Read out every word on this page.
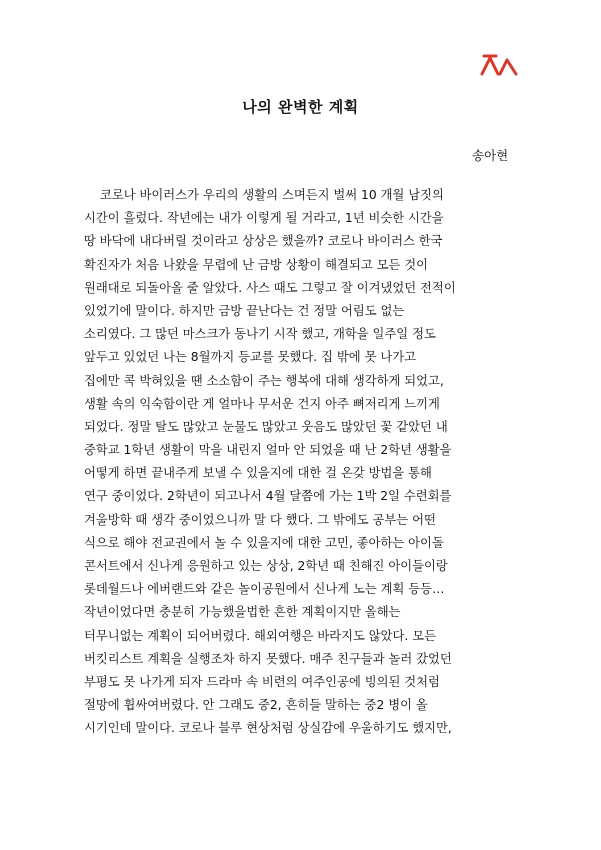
나의 완벽한 계획
송아현
코로나 바이러스가 우리의 생활의 스며든지 벌써 10 개월 남짓의
시간이 흘렀다. 작년에는 내가 이렇게 될 거라고, 1년 비슷한 시간을
땅 바닥에 내다버릴 것이라고 상상은 했을까? 코로나 바이러스 한국
확진자가 처음 나왔을 무렵에 난 금방 상황이 해결되고 모든 것이
원래대로 되돌아올 줄 알았다. 사스 때도 그렇고 잘 이겨냈었던 전적이
있었기에 말이다. 하지만 금방 끝난다는 건 정말 어림도 없는
소리였다. 그 많던 마스크가 동나기 시작 했고, 개학을 일주일 정도
앞두고 있었던 나는 8월까지 등교를 못했다. 집 밖에 못 나가고
집에만 콕 박혀있을 땐 소소함이 주는 행복에 대해 생각하게 되었고,
생활 속의 익숙함이란 게 얼마나 무서운 건지 아주 뼈저리게 느끼게
되었다. 정말 탈도 많았고 눈물도 많았고 웃음도 많았던 꽃 같았던 내
중학교 1학년 생활이 막을 내린지 얼마 안 되었을 때 난 2학년 생활을
어떻게 하면 끝내주게 보낼 수 있을지에 대한 걸 온갖 방법을 통해
연구 중이었다. 2학년이 되고나서 4월 달쯤에 가는 1박 2일 수련회를
겨울방학 때 생각 중이었으니까 말 다 했다. 그 밖에도 공부는 어떤
식으로 해야 전교권에서 놀 수 있을지에 대한 고민, 좋아하는 아이돌
콘서트에서 신나게 응원하고 있는 상상, 2학년 때 친해진 아이들이랑
롯데월드나 에버랜드와 같은 놀이공원에서 신나게 노는 계획 등등…
작년이었다면 충분히 가능했을법한 흔한 계획이지만 올해는
터무니없는 계획이 되어버렸다. 해외여행은 바라지도 않았다. 모든
버킷리스트 계획을 실행조차 하지 못했다. 매주 친구들과 놀러 갔었던
부평도 못 나가게 되자 드라마 속 비련의 여주인공에 빙의된 것처럼
절망에 휩싸여버렸다. 안 그래도 중2, 흔히들 말하는 중2 병이 올
시기인데 말이다. 코로나 블루 현상처럼 상실감에 우울하기도 했지만,
